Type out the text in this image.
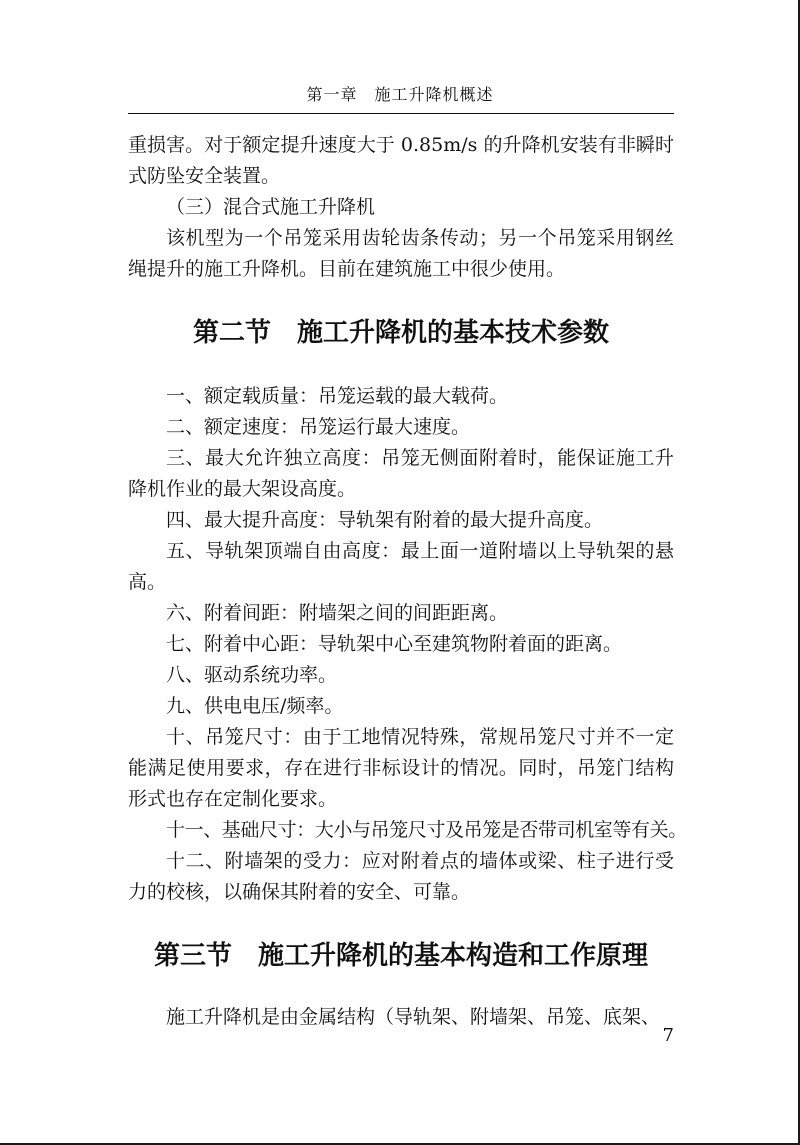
第一章　施工升降机概述

重损害。对于额定提升速度大于 0.85m/s 的升降机安装有非瞬时式防坠安全装置。

（三）混合式施工升降机

该机型为一个吊笼采用齿轮齿条传动；另一个吊笼采用钢丝绳提升的施工升降机。目前在建筑施工中很少使用。

第二节　施工升降机的基本技术参数

一、额定载质量：吊笼运载的最大载荷。

二、额定速度：吊笼运行最大速度。

三、最大允许独立高度：吊笼无侧面附着时，能保证施工升降机作业的最大架设高度。

四、最大提升高度：导轨架有附着的最大提升高度。

五、导轨架顶端自由高度：最上面一道附墙以上导轨架的悬高。

六、附着间距：附墙架之间的间距距离。

七、附着中心距：导轨架中心至建筑物附着面的距离。

八、驱动系统功率。

九、供电电压/频率。

十、吊笼尺寸：由于工地情况特殊，常规吊笼尺寸并不一定能满足使用要求，存在进行非标设计的情况。同时，吊笼门结构形式也存在定制化要求。

十一、基础尺寸：大小与吊笼尺寸及吊笼是否带司机室等有关。

十二、附墙架的受力：应对附着点的墙体或梁、柱子进行受力的校核，以确保其附着的安全、可靠。

第三节　施工升降机的基本构造和工作原理

施工升降机是由金属结构（导轨架、附墙架、吊笼、底架、

7
